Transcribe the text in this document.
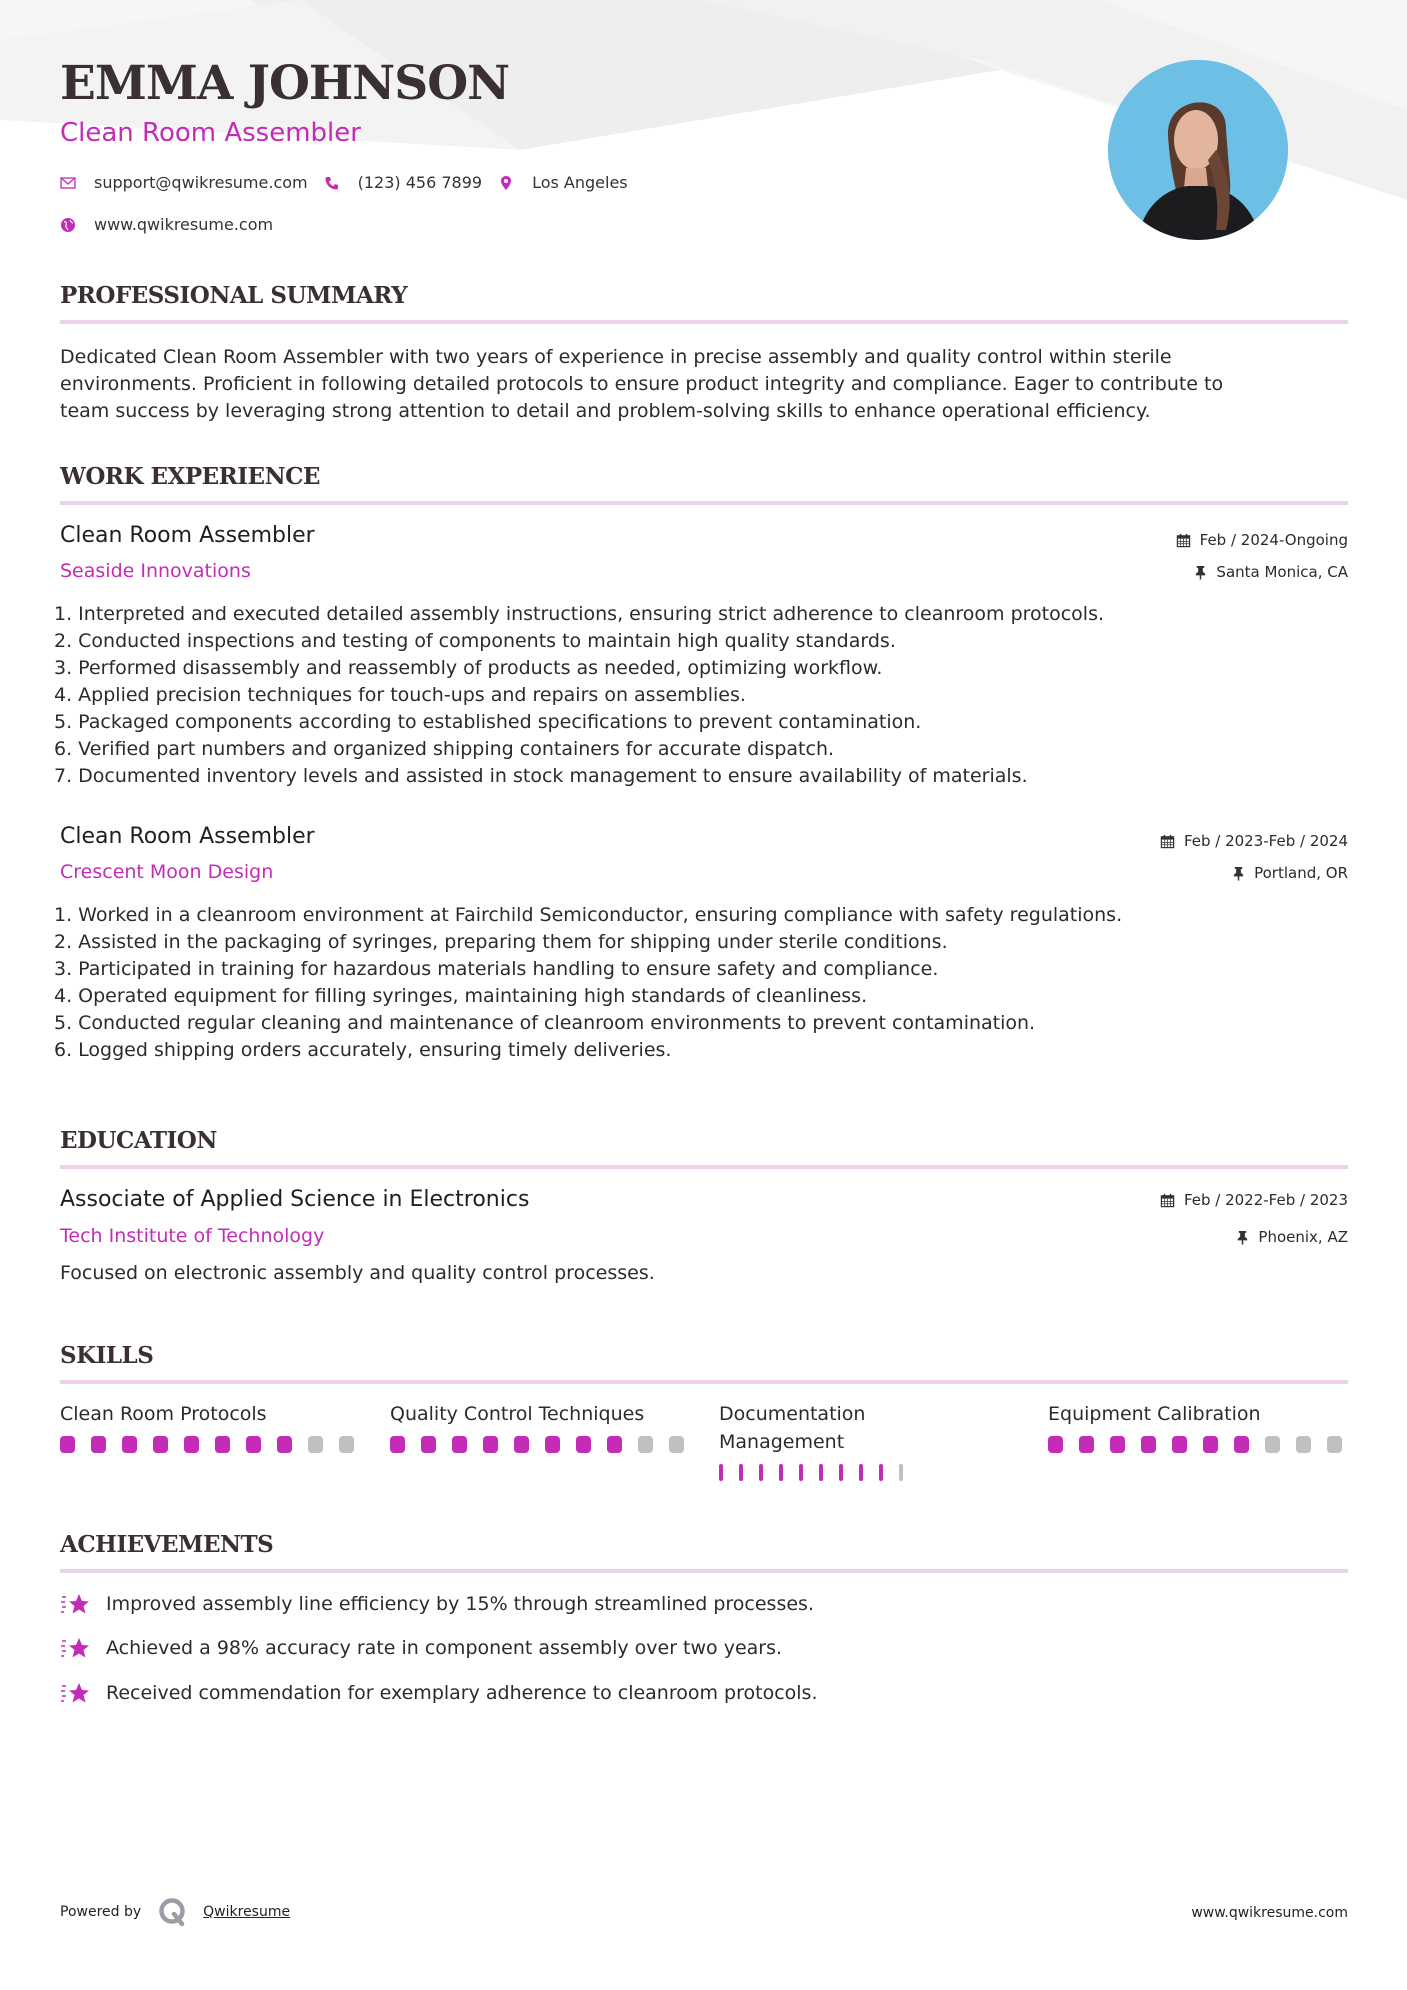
EMMA JOHNSON
Clean Room Assembler
support@qwikresume.com	(123) 456 7899	Los Angeles
www.qwikresume.com
PROFESSIONAL SUMMARY
Dedicated Clean Room Assembler with two years of experience in precise assembly and quality control within sterile
environments. Proficient in following detailed protocols to ensure product integrity and compliance. Eager to contribute to
team success by leveraging strong attention to detail and problem-solving skills to enhance operational efficiency.
WORK EXPERIENCE
Clean Room Assembler	Feb / 2024-Ongoing
Seaside Innovations	Santa Monica, CA
1. Interpreted and executed detailed assembly instructions, ensuring strict adherence to cleanroom protocols.
2. Conducted inspections and testing of components to maintain high quality standards.
3. Performed disassembly and reassembly of products as needed, optimizing workflow.
4. Applied precision techniques for touch-ups and repairs on assemblies.
5. Packaged components according to established specifications to prevent contamination.
6. Verified part numbers and organized shipping containers for accurate dispatch.
7. Documented inventory levels and assisted in stock management to ensure availability of materials.
Clean Room Assembler	Feb / 2023-Feb / 2024
Crescent Moon Design	Portland, OR
1. Worked in a cleanroom environment at Fairchild Semiconductor, ensuring compliance with safety regulations.
2. Assisted in the packaging of syringes, preparing them for shipping under sterile conditions.
3. Participated in training for hazardous materials handling to ensure safety and compliance.
4. Operated equipment for filling syringes, maintaining high standards of cleanliness.
5. Conducted regular cleaning and maintenance of cleanroom environments to prevent contamination.
6. Logged shipping orders accurately, ensuring timely deliveries.
EDUCATION
Associate of Applied Science in Electronics	Feb / 2022-Feb / 2023
Tech Institute of Technology	Phoenix, AZ
Focused on electronic assembly and quality control processes.
SKILLS
Clean Room Protocols	Quality Control Techniques	Documentation Management
Equipment Calibration
ACHIEVEMENTS
Improved assembly line efficiency by 15% through streamlined processes.
Achieved a 98% accuracy rate in component assembly over two years.
Received commendation for exemplary adherence to cleanroom protocols.
Powered by	Qwikresume	www.qwikresume.com
